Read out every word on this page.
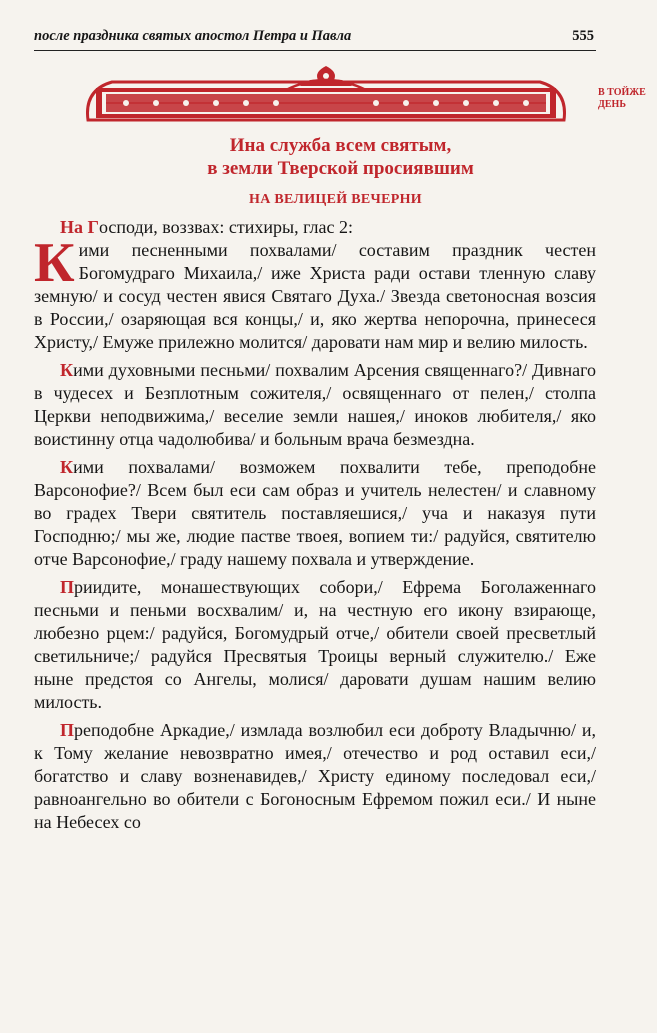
после праздника святых апостол Петра и Павла	555
В ТОЙЖЕ ДЕНЬ
Ина служба всем святым,
в земли Тверской просиявшим
НА ВЕЛИЦЕЙ ВЕЧЕРНИ

На Господи, воззвах: стихиры, глас 2:

Кими песненными похвалами/ составим праздник честен Богомудраго Михаила,/ иже Христа ради остави тленную славу земную/ и сосуд честен явися Святаго Духа./ Звезда светоносная возсия в России,/ озаряющая вся концы,/ и, яко жертва непорочна, принесеся Христу,/ Емуже прилежно молится/ даровати нам мир и велию милость.

Кими духовными песньми/ похвалим Арсения священнаго?/ Дивнаго в чудесех и Безплотным сожителя,/ освященнаго от пелен,/ столпа Церкви неподвижима,/ веселие земли нашея,/ иноков любителя,/ яко воистинну отца чадолюбива/ и больным врача безмездна.

Кими похвалами/ возможем похвалити тебе, преподобне Варсонофие?/ Всем был еси сам образ и учитель нелестен/ и славному во градех Твери святитель поставляешися,/ уча и наказуя пути Господню;/ мы же, людие пастве твоея, вопием ти:/ радуйся, святителю отче Варсонофие,/ граду нашему похвала и утверждение.

Приидите, монашествующих собори,/ Ефрема Боголаженнаго песньми и пеньми восхвалим/ и, на честную его икону взирающе, любезно рцем:/ радуйся, Богомудрый отче,/ обители своей пресветлый светильниче;/ радуйся Пресвятыя Троицы верный служителю./ Еже ныне предстоя со Ангелы, молися/ даровати душам нашим велию милость.

Преподобне Аркадие,/ измлада возлюбил еси доброту Владычню/ и, к Тому желание невозвратно имея,/ отечество и род оставил еси,/ богатство и славу возненавидев,/ Христу единому последовал еси,/ равноангельно во обители с Богоносным Ефремом пожил еси./ И ныне на Небесех со
